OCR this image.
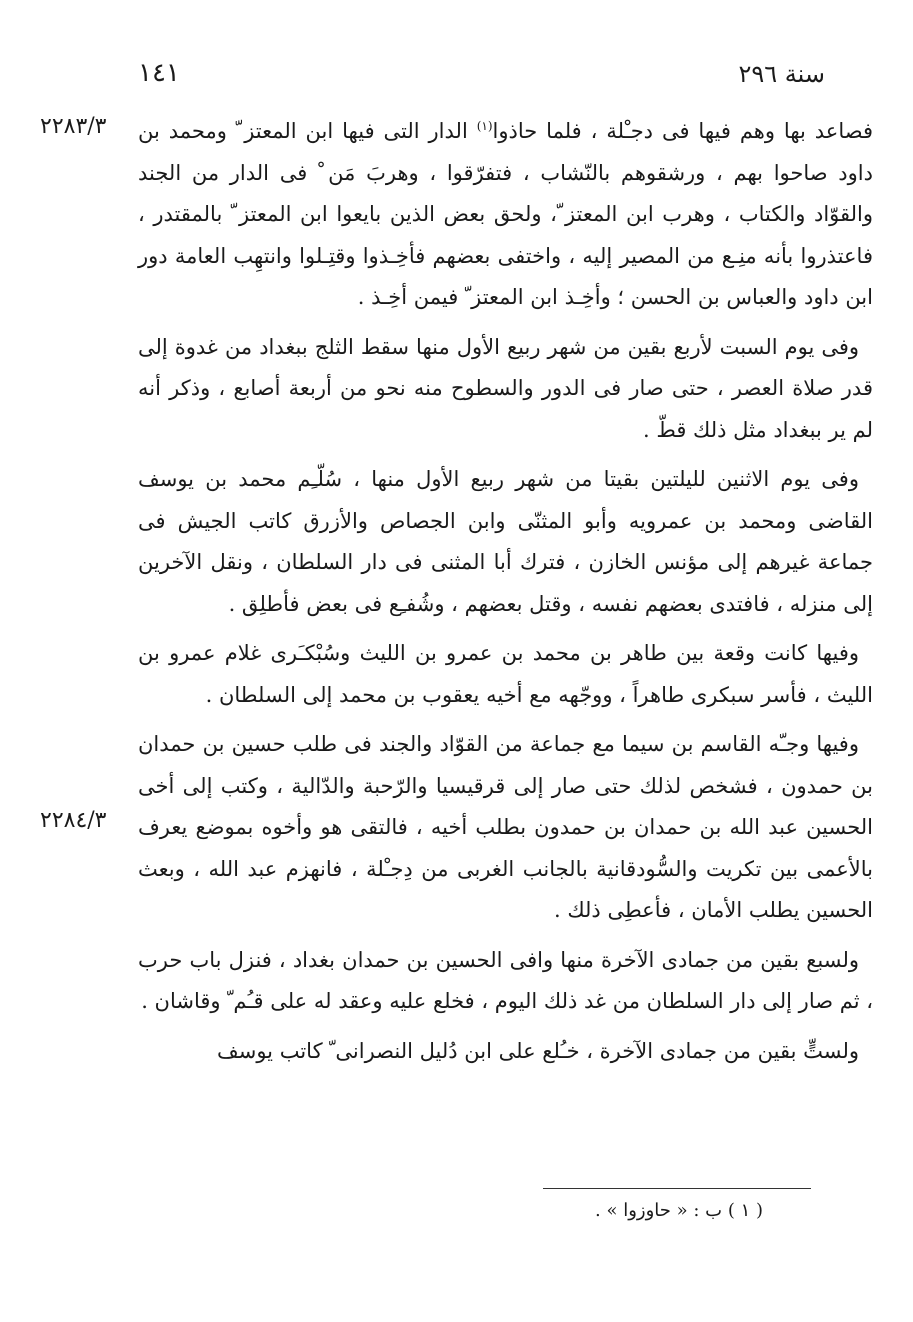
سنة ٢٩٦
١٤١
٢٢٨٣/٣
٢٢٨٤/٣

فصاعد بها وهم فيها فى دجـْلة ، فلما حاذوا$^{(١)}$ الدار التى فيها ابن المعتز ّ ومحمد بن داود صاحوا بهم ، ورشقوهم بالنّشاب ، فتفرّقوا ، وهربَ مَن ْ فى الدار من الجند والقوّاد والكتاب ، وهرب ابن المعتز ّ، ولحق بعض الذين بايعوا ابن المعتز ّ بالمقتدر ، فاعتذروا بأنه منِـع من المصير إليه ، واختفى بعضهم فأخِـذوا وقتِـلوا وانتهِب العامة دور ابن داود والعباس بن الحسن ؛ وأخِـذ ابن المعتز ّ فيمن أخِـذ .

وفى يوم السبت لأربع بقين من شهر ربيع الأول منها سقط الثلج ببغداد من غدوة إلى قدر صلاة العصر ، حتى صار فى الدور والسطوح منه نحو من أربعة أصابع ، وذكر أنه لم ير ببغداد مثل ذلك قطّ .

وفى يوم الاثنين لليلتين بقيتا من شهر ربيع الأول منها ، سُلّـِم محمد بن يوسف القاضى ومحمد بن عمرويه وأبو المثنّى وابن الجصاص والأزرق كاتب الجيش فى جماعة غيرهم إلى مؤنس الخازن ، فترك أبا المثنى فى دار السلطان ، ونقل الآخرين إلى منزله ، فافتدى بعضهم نفسه ، وقتل بعضهم ، وشُفـِع فى بعض فأطلِق .

وفيها كانت وقعة بين طاهر بن محمد بن عمرو بن الليث وسُبْكـَرى غلام عمرو بن الليث ، فأسر سبكرى طاهراً ، ووجّهه مع أخيه يعقوب بن محمد إلى السلطان .

وفيها وجـّه القاسم بن سيما مع جماعة من القوّاد والجند فى طلب حسين بن حمدان بن حمدون ، فشخص لذلك حتى صار إلى قرقيسيا والرّحبة والدّالية ، وكتب إلى أخى الحسين عبد الله بن حمدان بن حمدون بطلب أخيه ، فالتقى هو وأخوه بموضع يعرف بالأعمى بين تكريت والسُّودقانية بالجانب الغربى من دِجـْلة ، فانهزم عبد الله ، وبعث الحسين يطلب الأمان ، فأعطِى ذلك .

ولسبع بقين من جمادى الآخرة منها وافى الحسين بن حمدان بغداد ، فنزل باب حرب ، ثم صار إلى دار السلطان من غد ذلك اليوم ، فخلع عليه وعقد له على قـُم ّ وقاشان .

ولستٍّ بقين من جمادى الآخرة ، خـُلع على ابن دُليل النصرانى ّ كاتب يوسف

( ١ ) ب : « حاوزوا » .
